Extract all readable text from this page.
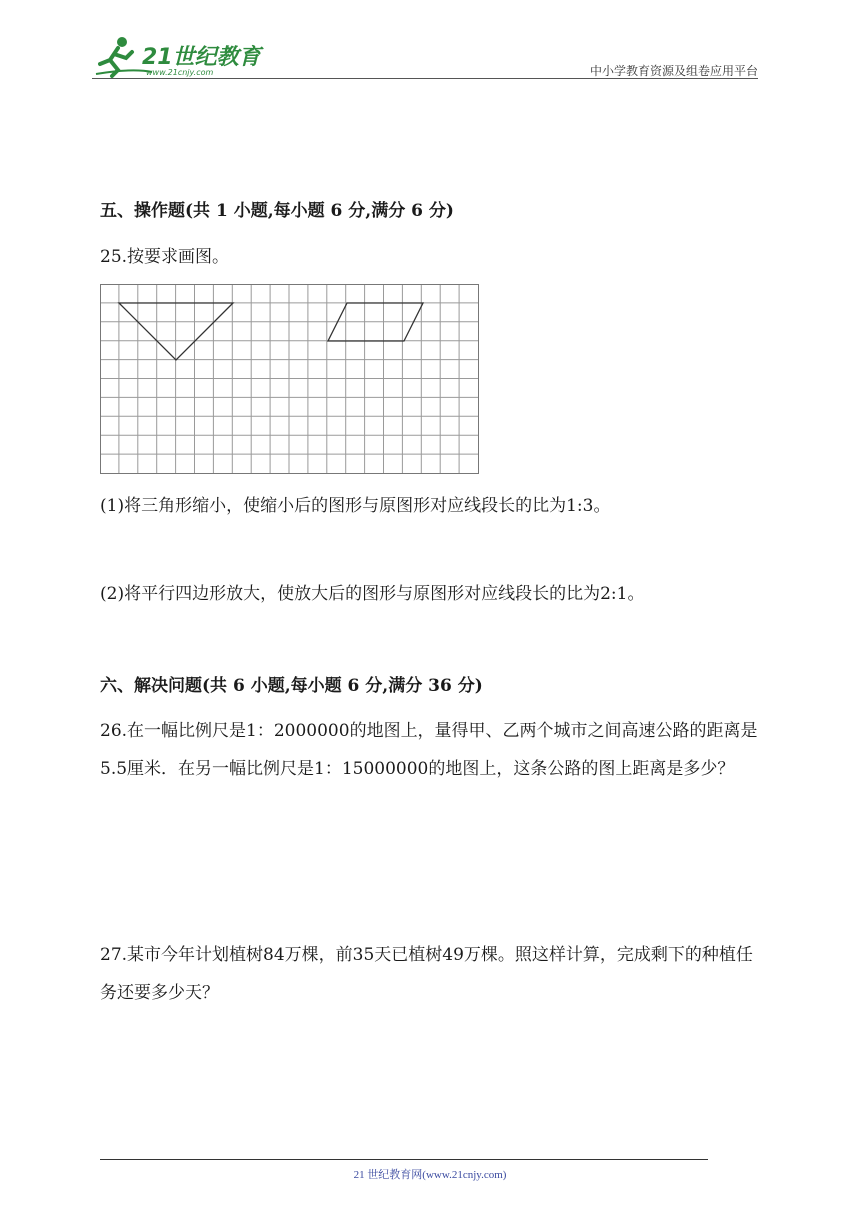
21世纪教育
www.21cnjy.com	中小学教育资源及组卷应用平台
五、操作题(共 1 小题,每小题 6 分,满分 6 分)
25.按要求画图。
(1)将三角形缩小，使缩小后的图形与原图形对应线段长的比为1:3。
(2)将平行四边形放大，使放大后的图形与原图形对应线段长的比为2:1。
六、解决问题(共 6 小题,每小题 6 分,满分 36 分)
26.在一幅比例尺是1：2000000的地图上，量得甲、乙两个城市之间高速公路的距离是5.5厘米．在另一幅比例尺是1：15000000的地图上，这条公路的图上距离是多少？
27.某市今年计划植树84万棵，前35天已植树49万棵。照这样计算，完成剩下的种植任务还要多少天？
21 世纪教育网(www.21cnjy.com)
